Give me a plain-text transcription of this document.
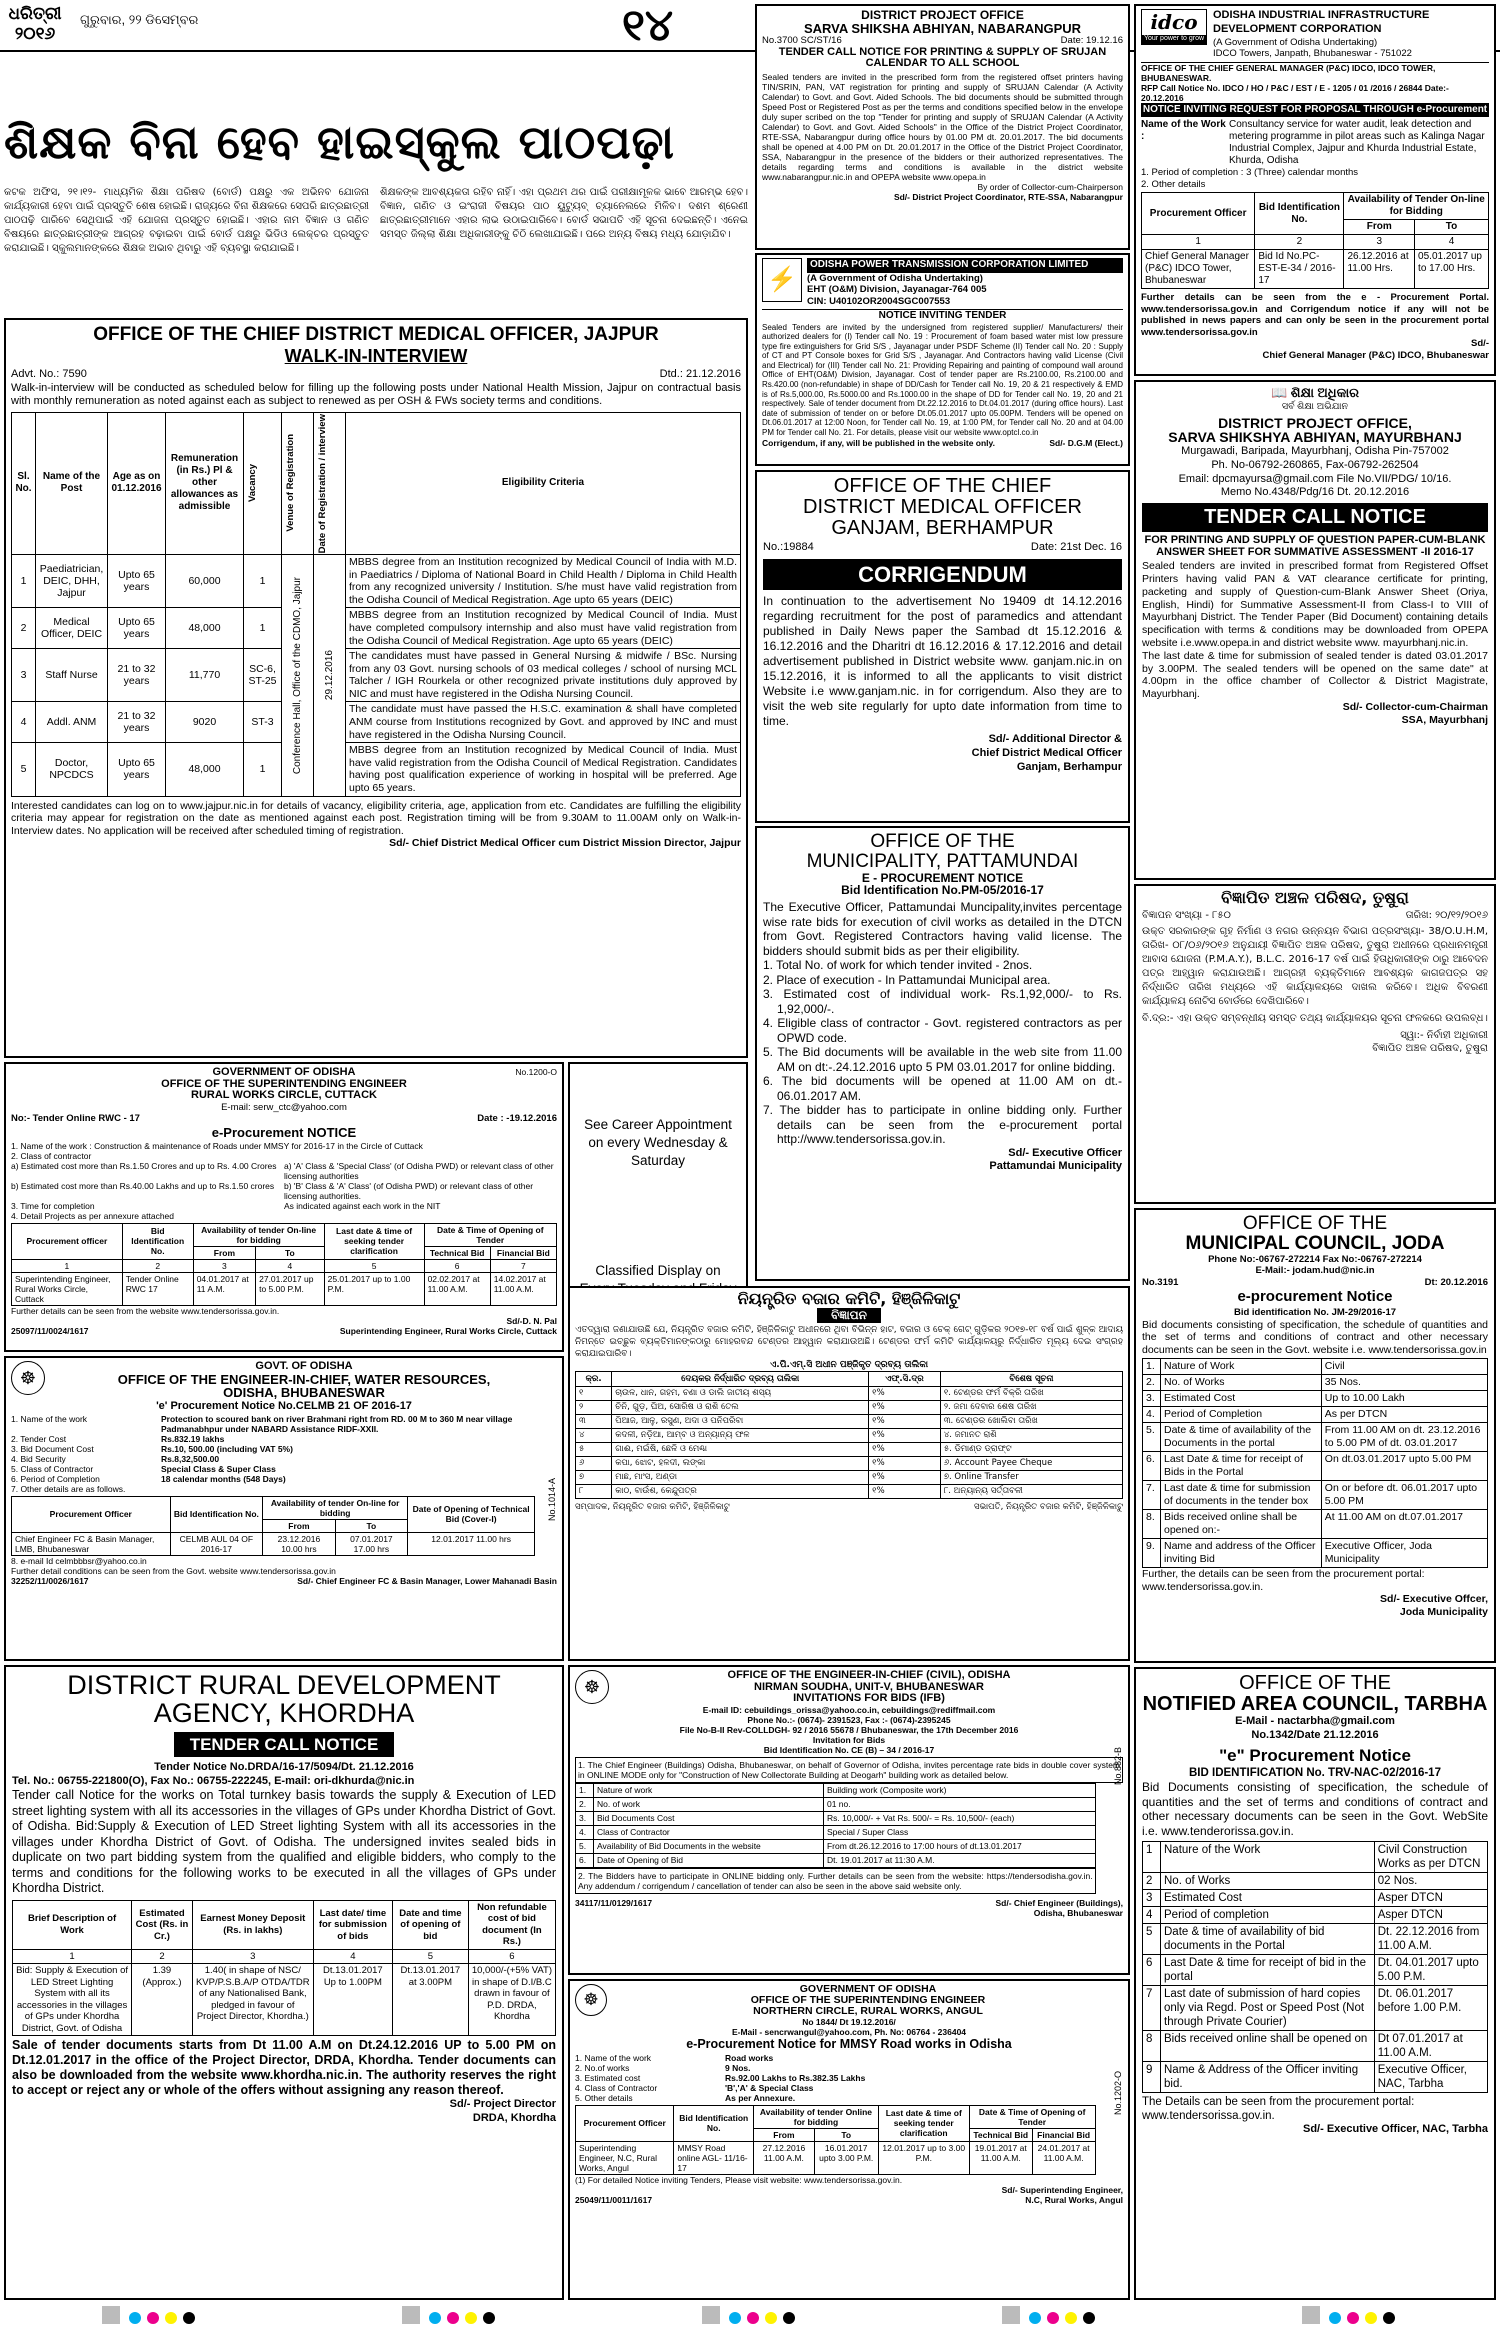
ଧରିତ୍ରୀ
୨୦୧୬
ଗୁରୁବାର, ୨୨ ଡିସେମ୍ବର	୧୪
ଶିକ୍ଷକ ବିନା ହେବ ହାଇସ୍କୁଲ ପାଠପଢ଼ା
କଟକ ଅଫିସ, ୨୧।୧୨- ମାଧ୍ୟମିକ ଶିକ୍ଷା ପରିଷଦ (ବୋର୍ଡ) ପକ୍ଷରୁ ଏକ ଅଭିନବ ଯୋଜନା କାର୍ଯ୍ୟକାରୀ ହେବା ପାଇଁ ପ୍ରସ୍ତୁତି ଶେଷ ହୋଇଛି। ରାଜ୍ୟରେ ବିନା ଶିକ୍ଷକରେ ସେପରି ଛାତ୍ରଛାତ୍ରୀ ପାଠପଢ଼ି ପାରିବେ ସେଥିପାଇଁ ଏହି ଯୋଜନା ପ୍ରସ୍ତୁତ ହୋଇଛି। ଏହାର ନାମ ବିଜ୍ଞାନ ଓ ଗଣିତ ବିଷୟରେ ଛାତ୍ରଛାତ୍ରୀଙ୍କ ଆଗ୍ରହ ବଢ଼ାଇବା ପାଇଁ ବୋର୍ଡ ପକ୍ଷରୁ ଭିଡିଓ ଲେକ୍ଚର ପ୍ରସ୍ତୁତ କରାଯାଇଛି। ସ୍କୁଲମାନଙ୍କରେ ଶିକ୍ଷକ ଅଭାବ ଥିବାରୁ ଏହି ବ୍ୟବସ୍ଥା କରାଯାଇଛି।
ଶିକ୍ଷକଙ୍କ ଆବଶ୍ୟକତା ରହିବ ନାହିଁ। ଏହା ପ୍ରଥମ ଥର ପାଇଁ ପରୀକ୍ଷାମୂଳକ ଭାବେ ଆରମ୍ଭ ହେବ। ବିଜ୍ଞାନ, ଗଣିତ ଓ ଇଂରାଜୀ ବିଷୟର ପାଠ ୟୁଟ୍ୟୁବ୍ ଚ୍ୟାନେଲରେ ମିଳିବ। ଦଶମ ଶ୍ରେଣୀ ଛାତ୍ରଛାତ୍ରୀମାନେ ଏହାର ଲାଭ ଉଠାଇପାରିବେ। ବୋର୍ଡ ସଭାପତି ଏହି ସୂଚନା ଦେଇଛନ୍ତି। ଏନେଇ ସମସ୍ତ ଜିଲ୍ଲା ଶିକ୍ଷା ଅଧିକାରୀଙ୍କୁ ଚିଠି ଲେଖାଯାଇଛି। ପରେ ଅନ୍ୟ ବିଷୟ ମଧ୍ୟ ଯୋଡ଼ାଯିବ।
DISTRICT PROJECT OFFICE
SARVA SHIKSHA ABHIYAN, NABARANGPUR
No.3700 SC/ST/16	Date: 19.12.16
TENDER CALL NOTICE FOR PRINTING & SUPPLY OF SRUJAN CALENDAR TO ALL SCHOOL
Sealed tenders are invited in the prescribed form from the registered offset printers having TIN/SRIN, PAN, VAT registration for printing and supply of SRUJAN Calendar (A Activity Calendar) to Govt. and Govt. Aided Schools. The bid documents should be submitted through Speed Post or Registered Post as per the terms and conditions specified below in the envelope duly super scribed on the top "Tender for printing and supply of SRUJAN Calendar (A Activity Calendar) to Govt. and Govt. Aided Schools" in the Office of the District Project Coordinator, RTE-SSA, Nabarangpur during office hours by 01.00 PM dt. 20.01.2017. The bid documents shall be opened at 4.00 PM on Dt. 20.01.2017 in the Office of the District Project Coordinator, SSA, Nabarangpur in the presence of the bidders or their authorized representatives. The details regarding terms and conditions is available in the district website www.nabarangpur.nic.in and OPEPA website www.opepa.in
By order of Collector-cum-Chairperson
Sd/- District Project Coordinator, RTE-SSA, Nabarangpur
idco
Your power to grow
ODISHA INDUSTRIAL INFRASTRUCTURE
DEVELOPMENT CORPORATION
(A Government of Odisha Undertaking)
IDCO Towers, Janpath, Bhubaneswar - 751022
OFFICE OF THE CHIEF GENERAL MANAGER (P&C) IDCO, IDCO TOWER, BHUBANESWAR.
RFP Call Notice No. IDCO / HO / P&C / EST / E - 1205 / 01 /2016 / 26844 Date:- 20.12.2016
NOTICE INVITING REQUEST FOR PROPOSAL THROUGH e-Procurement
Name of the Work :
Consultancy service for water audit, leak detection and metering programme in pilot areas such as Kalinga Nagar Industrial Complex, Jajpur and Khurda Industrial Estate, Khurda, Odisha
1. Period of completion : 3 (Three) calendar months
2. Other details
Procurement Officer	Bid Identification No.	Availability of Tender On-line for Bidding	
		From	To
1	2	3	4
Chief General Manager (P&C) IDCO Tower, Bhubaneswar	Bid Id No.PC-EST-E-34 / 2016-17	26.12.2016 at 11.00 Hrs.	05.01.2017 up to 17.00 Hrs.
Further details can be seen from the e - Procurement Portal. www.tendersorissa.gov.in and Corrigendum notice if any will not be published in news papers and can only be seen in the procurement portal www.tendersorissa.gov.in
Sd/-
Chief General Manager (P&C) IDCO, Bhubaneswar
⚡
ODISHA POWER TRANSMISSION CORPORATION LIMITED
(A Government of Odisha Undertaking)
EHT (O&M) Division, Jayanagar-764 005
CIN: U40102OR2004SGC007553
NOTICE INVITING TENDER
Sealed Tenders are invited by the undersigned from registered supplier/ Manufacturers/ their authorized dealers for (I) Tender call No. 19 : Procurement of foam based water mist low pressure type fire extinguishers for Grid S/S , Jayanagar under PSDF Scheme (II) Tender call No. 20 : Supply of CT and PT Console boxes for Grid S/S , Jayanagar. And Contractors having valid License (Civil and Electrical) for (III) Tender call No. 21: Providing Repairing and painting of compound wall around Office of EHT(O&M) Division, Jayanagar. Cost of tender paper are Rs.2100.00, Rs.2100.00 and Rs.420.00 (non-refundable) in shape of DD/Cash for Tender call No. 19, 20 & 21 respectively & EMD is of Rs.5,000.00, Rs.5000.00 and Rs.1000.00 in the shape of DD for Tender call No. 19, 20 and 21 respectively. Sale of tender document from Dt.22.12.2016 to Dt.04.01.2017 (during office hours). Last date of submission of tender on or before Dt.05.01.2017 upto 05.00PM. Tenders will be opened on Dt.06.01.2017 at 12:00 Noon, for Tender call No. 19, at 1:00 PM, for Tender call No. 20 and at 04.00 PM for Tender call No. 21. For details, please visit our website www.optcl.co.in
Corrigendum, if any, will be published in the website only.	Sd/- D.G.M (Elect.)
📖 ଶିକ୍ଷା ଅଧିକାର
ସର୍ବ ଶିକ୍ଷା ଅଭିଯାନ
DISTRICT PROJECT OFFICE,
SARVA SHIKSHYA ABHIYAN, MAYURBHANJ
Murgawadi, Baripada, Mayurbhanj, Odisha Pin-757002
Ph. No-06792-260865, Fax-06792-262504
Email: dpcmayursa@gmail.com File No.VII/PDG/ 10/16.
Memo No.4348/Pdg/16 Dt. 20.12.2016
TENDER CALL NOTICE
FOR PRINTING AND SUPPLY OF QUESTION PAPER-CUM-BLANK ANSWER SHEET FOR SUMMATIVE ASSESSMENT -II 2016-17
Sealed tenders are invited in prescribed format from Registered Offset Printers having valid PAN & VAT clearance certificate for printing, packeting and supply of Question-cum-Blank Answer Sheet (Oriya, English, Hindi) for Summative Assessment-II from Class-I to VIII of Mayurbhanj District. The Tender Paper (Bid Document) containing details specification with terms & conditions may be downloaded from OPEPA website i.e.www.opepa.in and district website www. mayurbhanj.nic.in.
The last date & time for submission of sealed tender is dated 03.01.2017 by 3.00PM. The sealed tenders will be opened on the same date" at 4.00pm in the office chamber of Collector & District Magistrate, Mayurbhanj.
Sd/- Collector-cum-Chairman
SSA, Mayurbhanj
OFFICE OF THE CHIEF DISTRICT MEDICAL OFFICER, JAJPUR
WALK-IN-INTERVIEW
Advt. No.: 7590	Dtd.: 21.12.2016
Walk-in-interview will be conducted as scheduled below for filling up the following posts under National Health Mission, Jajpur on contractual basis with monthly remuneration as noted against each as subject to renewed as per OSH & FWs society terms and conditions.
Sl. No.	Name of the Post	Age as on 01.12.2016	Remuneration (in Rs.) Pl & other allowances as admissible	Vacancy	Venue of Registration	Date of Registration / interview	Eligibility Criteria
1	Paediatrician, DEIC, DHH, Jajpur	Upto 65 years	60,000	1	Conference Hall, Office of the CDMO, Jajpur	29.12.2016	MBBS degree from an Institution recognized by Medical Council of India with M.D. in Paediatrics / Diploma of National Board in Child Health / Diploma in Child Health from any recognized university / Institution. S/he must have valid registration from the Odisha Council of Medical Registration. Age upto 65 years (DEIC)
2	Medical Officer, DEIC	Upto 65 years	48,000	1			MBBS degree from an Institution recognized by Medical Council of India. Must have completed compulsory internship and also must have valid registration from the Odisha Council of Medical Registration. Age upto 65 years (DEIC)
3	Staff Nurse	21 to 32 years	11,770	SC-6, ST-25			The candidates must have passed in General Nursing & midwife / BSc. Nursing from any 03 Govt. nursing schools of 03 medical colleges / school of nursing MCL Talcher / IGH Rourkela or other recognized private institutions duly approved by NIC and must have registered in the Odisha Nursing Council.
4	Addl. ANM	21 to 32 years	9020	ST-3			The candidate must have passed the H.S.C. examination & shall have completed ANM course from Institutions recognized by Govt. and approved by INC and must have registered in the Odisha Nursing Council.
5	Doctor, NPCDCS	Upto 65 years	48,000	1			MBBS degree from an Institution recognized by Medical Council of India. Must have valid registration from the Odisha Council of Medical Registration. Candidates having post qualification experience of working in hospital will be preferred. Age upto 65 years.
Interested candidates can log on to www.jajpur.nic.in for details of vacancy, eligibility criteria, age, application from etc. Candidates are fulfilling the eligibility criteria may appear for registration on the date as mentioned against each post. Registration timing will be from 9.30AM to 11.00AM only on Walk-in-Interview dates. No application will be received after scheduled timing of registration.
Sd/- Chief District Medical Officer cum District Mission Director, Jajpur
OFFICE OF THE CHIEF
DISTRICT MEDICAL OFFICER
GANJAM, BERHAMPUR
No.:19884	Date: 21st Dec. 16
CORRIGENDUM
In continuation to the advertisement No 19409 dt 14.12.2016 regarding recruitment for the post of paramedics and attendant published in Daily News paper the Sambad dt 15.12.2016 & 16.12.2016 and the Dharitri dt 16.12.2016 & 17.12.2016 and detail advertisement published in District website www. ganjam.nic.in on 15.12.2016, it is informed to all the applicants to visit district Website i.e www.ganjam.nic. in for corrigendum. Also they are to visit the web site regularly for upto date information from time to time.
Sd/- Additional Director &
Chief District Medical Officer
Ganjam, Berhampur
OFFICE OF THE
MUNICIPALITY, PATTAMUNDAI
E - PROCUREMENT NOTICE
Bid Identification No.PM-05/2016-17
The Executive Officer, Pattamundai Muncipality,invites percentage wise rate bids for execution of civil works as detailed in the DTCN from Govt. Registered Contractors having valid license. The bidders should submit bids as per their eligibility.
1. Total No. of work for which tender invited - 2nos.
2. Place of execution - In Pattamundai Municipal area.
3. Estimated cost of individual work- Rs.1,92,000/- to Rs. 1,92,000/-.
4. Eligible class of contractor - Govt. registered contractors as per OPWD code.
5. The Bid documents will be available in the web site from 11.00 AM on dt:-.24.12.2016 upto 5 PM 03.01.2017 for online bidding.
6. The bid documents will be opened at 11.00 AM on dt.- 06.01.2017 AM.
7. The bidder has to participate in online bidding only. Further details can be seen from the e-procurement portal http://www.tendersorissa.gov.in.
Sd/- Executive Officer
Pattamundai Municipality
ବିଜ୍ଞାପିତ ଅଞ୍ଚଳ ପରିଷଦ, ତୁଷୁରା
ବିଜ୍ଞାପନ ସଂଖ୍ୟା - ୮୫୦	ତାରିଖ: ୨୦/୧୨/୨୦୧୬
ଉକ୍ତ ସରକାରଙ୍କ ଗୃହ ନିର୍ମାଣ ଓ ନଗର ଉନ୍ନୟନ ବିଭାଗ ପତ୍ରସଂଖ୍ୟା- 38/O.U.H.M, ତାରିଖ- ୦୮/୦୬/୨୦୧୬ ଅନୁଯାୟୀ ବିଜ୍ଞାପିତ ଅଞ୍ଚଳ ପରିଷଦ, ତୁଷୁରା ଅଧୀନରେ ପ୍ରଧାନମନ୍ତ୍ରୀ ଆବାସ ଯୋଜନା (P.M.A.Y.), B.L.C. 2016-17 ବର୍ଷ ପାଇଁ ହିତାଧିକାରୀଙ୍କ ଠାରୁ ଆବେଦନ ପତ୍ର ଆହ୍ୱାନ କରାଯାଉଅଛି। ଆଗ୍ରହୀ ବ୍ୟକ୍ତିମାନେ ଆବଶ୍ୟକ କାଗଜପତ୍ର ସହ ନିର୍ଦ୍ଧାରିତ ତାରିଖ ମଧ୍ୟରେ ଏହି କାର୍ଯ୍ୟାଳୟରେ ଦାଖଲ କରିବେ। ଅଧିକ ବିବରଣୀ କାର୍ଯ୍ୟାଳୟ ନୋଟିସ ବୋର୍ଡରେ ଦେଖିପାରିବେ।
ବି.ଦ୍ର:- ଏହା ଉକ୍ତ ସମ୍ବନ୍ଧୀୟ ସମସ୍ତ ତଥ୍ୟ କାର୍ଯ୍ୟାଳୟର ସୂଚନା ଫଳକରେ ଉପଲବ୍ଧ।
ସ୍ୱା:- ନିର୍ବାହୀ ଅଧିକାରୀ
ବିଜ୍ଞାପିତ ଅଞ୍ଚଳ ପରିଷଦ, ତୁଷୁରା
No.1200-O
GOVERNMENT OF ODISHA
OFFICE OF THE SUPERINTENDING ENGINEER
RURAL WORKS CIRCLE, CUTTACK
E-mail: serw_ctc@yahoo.com
No:- Tender Online RWC - 17	Date : -19.12.2016
e-Procurement NOTICE
1. Name of the work : Construction & maintenance of Roads under MMSY for 2016-17 in the Circle of Cuttack
2. Class of contractor
a) Estimated cost more than Rs.1.50 Crores and up to Rs. 4.00 Crores a) 'A' Class & 'Special Class' (of Odisha PWD) or relevant class of other licensing authorities
b) Estimated cost more than Rs.40.00 Lakhs and up to Rs.1.50 crores	b) 'B' Class & 'A' Class' (of Odisha PWD) or relevant class of other licensing authorities.
3. Time for completion	As indicated against each work in the NIT
4. Detail Projects as per annexure attached
Procurement officer	Bid Identification No.	Availability of tender On-line for bidding		Last date & time of seeking tender clarification	Date & Time of Opening of Tender	
		From	To		Technical Bid	Financial Bid
1	2	3	4	5	6	7
Superintending Engineer, Rural Works Circle, Cuttack	Tender Online RWC 17	04.01.2017 at 11 A.M.	27.01.2017 up to 5.00 P.M.	25.01.2017 up to 1.00 P.M.	02.02.2017 at 11.00 A.M.	14.02.2017 at 11.00 A.M.
Further details can be seen from the website www.tendersorissa.gov.in.
Sd/-D. N. Pal
25097/11/0024/1617	Superintending Engineer, Rural Works Circle, Cuttack
See Career Appointment on every Wednesday & Saturday
Classified Display on
OFFICE OF THE
MUNICIPAL COUNCIL, JODA
Phone No:-06767-272214 Fax No:-06767-272214
E-Mail:- jodam.hud@nic.in
No.3191	Dt: 20.12.2016
e-procurement Notice
Bid identification No. JM-29/2016-17
Bid documents consisting of specification, the schedule of quantities and the set of terms and conditions of contract and other necessary documents can be seen in the Govt. website i.e. www.tendersorissa.gov.in
1.	Nature of Work	Civil
2.	No. of Works	35 Nos.
3.	Estimated Cost	Up to 10.00 Lakh
4.	Period of Completion	As per DTCN
5.	Date & time of availability of the Documents in the portal	From 11.00 AM on dt. 23.12.2016 to 5.00 PM of dt. 03.01.2017
6.	Last Date & time for receipt of Bids in the Portal	On dt.03.01.2017 upto 5.00 PM
7.	Last date & time for submission of documents in the tender box	On or before dt. 06.01.2017 upto 5.00 PM
8.	Bids received online shall be opened on:-	At 11.00 AM on dt.07.01.2017
9.	Name and address of the Officer inviting Bid	Executive Officer, Joda Municipality
Further, the details can be seen from the procurement portal: www.tendersorissa.gov.in.
Sd/- Executive Offcer,
Joda Municipality
☸
GOVT. OF ODISHA
OFFICE OF THE ENGINEER-IN-CHIEF, WATER RESOURCES,
ODISHA, BHUBANESWAR
'e' Procurement Notice No.CELMB 21 OF 2016-17
1. Name of the work	Protection to scoured bank on river Brahmani right from RD. 00 M to 360 M near village Padmanabhpur under NABARD Assistance RIDF-XXII.
2. Tender Cost	Rs.832.19 lakhs
3. Bid Document Cost	Rs.10, 500.00 (including VAT 5%)
4. Bid Security	Rs.8,32,500.00
5. Class of Contractor	Special Class & Super Class
6. Period of Completion	18 calendar months (548 Days)
7. Other details are as follows.
Procurement Officer	Bid Identification No.	Availability of tender On-line for bidding		Date of Opening of Technical Bid (Cover-I)
		From	To	
Chief Engineer FC & Basin Manager, LMB, Bhubaneswar	CELMB AUL 04 OF 2016-17	23.12.2016 10.00 hrs	07.01.2017 17.00 hrs	12.01.2017 11.00 hrs
8. e-mail Id celmbbbsr@yahoo.co.in
Further detail conditions can be seen from the Govt. website www.tendersorissa.gov.in
32252/11/0026/1617	Sd/- Chief Engineer FC & Basin Manager, Lower Mahanadi Basin
No.1014-A
ନିୟନ୍ତ୍ରିତ ବଜାର କମିଟି, ହିଞ୍ଜିଳିକାଟୁ
ବିଜ୍ଞାପନ
ଏତଦ୍ୱାରା ଜଣାଯାଉଛି ଯେ, ନିୟନ୍ତ୍ରିତ ବଜାର କମିଟି, ହିଞ୍ଜିଳିକାଟୁ ଅଧୀନରେ ଥିବା ବିଭିନ୍ନ ହାଟ, ବଜାର ଓ ଚେକ୍ ଗେଟ୍ ଗୁଡ଼ିକର ୨୦୧୭-୧୮ ବର୍ଷ ପାଇଁ ଶୁଳ୍କ ଆଦାୟ ନିମନ୍ତେ ଇଚ୍ଛୁକ ବ୍ୟକ୍ତିମାନଙ୍କଠାରୁ ମୋହରବନ୍ଦ ଟେଣ୍ଡର ଆହ୍ୱାନ କରାଯାଉଅଛି। ଟେଣ୍ଡର ଫର୍ମ କମିଟି କାର୍ଯ୍ୟାଳୟରୁ ନିର୍ଦ୍ଧାରିତ ମୂଲ୍ୟ ଦେଇ ସଂଗ୍ରହ କରାଯାଇପାରିବ।
ଏ.ପି.ଏମ୍.ସି ଅଧୀନ ପଞ୍ଜିକୃତ ଦ୍ରବ୍ୟ ତାଲିକା
କ୍ର.	ଦେୟକର ନିର୍ଦ୍ଧାରିତ ଦ୍ରବ୍ୟ ତାଲିକା	ଏଫ୍.ସି.ଦ୍ର	ବିଶେଷ ସୂଚନା
୧	ଚାଉଳ, ଧାନ, ଗହମ, ଚଣା ଓ ଡାଲି ଜାତୀୟ ଶସ୍ୟ	୧%	୧. ଟେଣ୍ଡର ଫର୍ମ ବିକ୍ରି ତାରିଖ
୨	ଚିନି, ଗୁଡ଼, ଘିଅ, ସୋରିଷ ଓ ରାଶି ତେଲ	୧%	୨. ଜମା ଦେବାର ଶେଷ ତାରିଖ
୩	ପିଆଜ, ଆଳୁ, ରସୁଣ, ଅଦା ଓ ପନିପରିବା	୧%	୩. ଟେଣ୍ଡର ଖୋଲିବା ତାରିଖ
୪	କଦଳୀ, ନଡ଼ିଆ, ଆମ୍ବ ଓ ଅନ୍ୟାନ୍ୟ ଫଳ	୧%	୪. ଜମାନତ ରାଶି
୫	ଗାଈ, ମଇଁଷି, ଛେଳି ଓ ମେଣ୍ଢା	୧%	୫. ଡିମାଣ୍ଡ ଡ୍ରାଫ୍ଟ
୬	କପା, ଝୋଟ, ହଳଦୀ, ଲଙ୍କା	୧%	୬. Account Payee Cheque
୭	ମାଛ, ମାଂସ, ଅଣ୍ଡା	୧%	୭. Online Transfer
୮	କାଠ, ବାଉଁଶ, କେନ୍ଦୁପତ୍ର	୧%	୮. ଅନ୍ୟାନ୍ୟ ସର୍ତ୍ତାବଳୀ
ସମ୍ପାଦକ, ନିୟନ୍ତ୍ରିତ ବଜାର କମିଟି, ହିଞ୍ଜିଳିକାଟୁ	ସଭାପତି, ନିୟନ୍ତ୍ରିତ ବଜାର କମିଟି, ହିଞ୍ଜିଳିକାଟୁ
DISTRICT RURAL DEVELOPMENT
AGENCY, KHORDHA
TENDER CALL NOTICE
Tender Notice No.DRDA/16-17/5094/Dt. 21.12.2016
Tel. No.: 06755-221800(O), Fax No.: 06755-222245, E-mail: ori-dkhurda@nic.in
Tender call Notice for the works on Total turnkey basis towards the supply & Execution of LED street lighting system with all its accessories in the villages of GPs under Khordha District of Govt. of Odisha. Bid:Supply & Execution of LED Street lighting System with all its accessories in the villages under Khordha District of Govt. of Odisha. The undersigned invites sealed bids in duplicate on two part bidding system from the qualified and eligible bidders, who comply to the terms and conditions for the following works to be executed in all the villages of GPs under Khordha District.
Brief Description of Work	Estimated Cost (Rs. in Cr.)	Earnest Money Deposit (Rs. in lakhs)	Last date/ time for submission of bids	Date and time of opening of bid	Non refundable cost of bid document (In Rs.)
1	2	3	4	5	6
Bid: Supply & Execution of LED Street Lighting System with all its accessories in the villages of GPs under Khordha District, Govt. of Odisha	1.39 (Approx.)	1.40( in shape of NSC/ KVP/P.S.B.A/P OTDA/TDR of any Nationalised Bank, pledged in favour of Project Director, Khordha.)	Dt.13.01.2017 Up to 1.00PM	Dt.13.01.2017 at 3.00PM	10,000/-(+5% VAT) in shape of D.I/B.C drawn in favour of P.D. DRDA, Khordha
Sale of tender documents starts from Dt 11.00 A.M on Dt.24.12.2016 UP to 5.00 PM on Dt.12.01.2017 in the office of the Project Director, DRDA, Khordha. Tender documents can also be downloaded from the website www.khordha.nic.in. The authority reserves the right to accept or reject any or whole of the offers without assigning any reason thereof.
Sd/- Project Director
DRDA, Khordha
☸
OFFICE OF THE ENGINEER-IN-CHIEF (CIVIL), ODISHA
NIRMAN SOUDHA, UNIT-V, BHUBANESWAR
INVITATIONS FOR BIDS (IFB)
E-mail ID: cebuildings_orissa@yahoo.co.in, cebuildings@rediffmail.com
Phone No.:- (0674)- 2391523, Fax :- (0674)-2395245
File No-B-II Rev-COLLDGH- 92 / 2016 55678 / Bhubaneswar, the 17th December 2016
Invitation for Bids
Bid Identification No. CE (B) – 34 / 2016-17
1. The Chief Engineer (Buildings) Odisha, Bhubaneswar, on behalf of Governor of Odisha, invites percentage rate bids in double cover system in ONLINE MODE only for "Construction of New Collectorate Building at Deogarh" building work as detailed below.
1.	Nature of work	Building work (Composite work)
2.	No. of work	01 no.
3.	Bid Documents Cost	Rs. 10,000/- + Vat Rs. 500/- = Rs. 10,500/- (each)
4.	Class of Contractor	Special / Super Class
5.	Availability of Bid Documents in the website	From dt.26.12.2016 to 17:00 hours of dt.13.01.2017
6.	Date of Opening of Bid	Dt. 19.01.2017 at 11:30 A.M.
2. The Bidders have to participate in ONLINE bidding only. Further details can be seen from the website: https://tendersodisha.gov.in. Any addendum / corrigendum / cancellation of tender can also be seen in the above said website only.
34117/11/0129/1617	Sd/- Chief Engineer (Buildings),
Odisha, Bhubaneswar
No.882-B
☸
GOVERNMENT OF ODISHA
OFFICE OF THE SUPERINTENDING ENGINEER
NORTHERN CIRCLE, RURAL WORKS, ANGUL
No 1844/ Dt 19.12.2016/
E-Mail - sencrwangul@yahoo.com, Ph. No: 06764 - 236404
e-Procurement Notice for MMSY Road works in Odisha
1. Name of the work	Road works
2. No.of works	9 Nos.
3. Estimated cost	Rs.92.00 Lakhs to Rs.382.35 Lakhs
4. Class of Contractor	'B','A' & Special Class
5. Other details	As per Annexure.
Procurement Officer	Bid Identification No.	Availability of tender Online for bidding		Last date & time of seeking tender clarification	Date & Time of Opening of Tender	
		From	To		Technical Bid	Financial Bid
Superintending Engineer, N.C, Rural Works, Angul	MMSY Road online AGL- 11/16-17	27.12.2016 11.00 A.M.	16.01.2017 upto 3.00 P.M.	12.01.2017 up to 3.00 P.M.	19.01.2017 at 11.00 A.M.	24.01.2017 at 11.00 A.M.
(1) For detailed Notice inviting Tenders, Please visit website: www.tendersorissa.gov.in.
Sd/- Superintending Engineer,
25049/11/0011/1617	N.C, Rural Works, Angul
No.1202-O
OFFICE OF THE
NOTIFIED AREA COUNCIL, TARBHA
E-Mail - nactarbha@gmail.com
No.1342/Date 21.12.2016
"e" Procurement Notice
BID IDENTIFICATION No. TRV-NAC-02/2016-17
Bid Documents consisting of specification, the schedule of quantities and the set of terms and conditions of contract and other necessary documents can be seen in the Govt. WebSite i.e. www.tenderorissa.gov.in.
1	Nature of the Work	Civil Construction Works as per DTCN
2	No. of Works	02 Nos.
3	Estimated Cost	Asper DTCN
4	Period of completion	Asper DTCN
5	Date & time of availability of bid documents in the Portal	Dt. 22.12.2016 from 11.00 A.M.
6	Last Date & time for receipt of bid in the portal	Dt. 04.01.2017 upto 5.00 P.M.
7	Last date of submission of hard copies only via Regd. Post or Speed Post (Not through Private Courier)	Dt. 06.01.2017 before 1.00 P.M.
8	Bids received online shall be opened on	Dt 07.01.2017 at 11.00 A.M.
9	Name & Address of the Officer inviting bid.	Executive Officer, NAC, Tarbha
The Details can be seen from the procurement portal: www.tendersorissa.gov.in.
Sd/- Executive Officer, NAC, Tarbha
